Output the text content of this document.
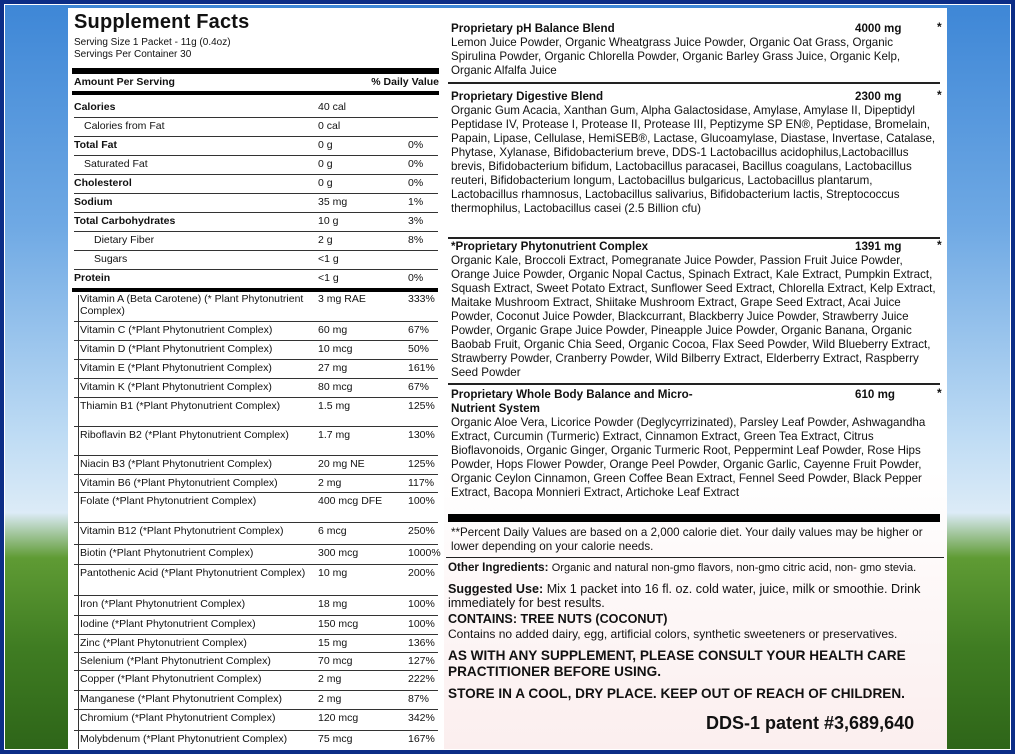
Supplement Facts
Serving Size 1 Packet - 11g (0.4oz)
Servings Per Container 30
Amount Per Serving	% Daily Value
Calories	40 cal
Calories from Fat	0 cal
Total Fat	0 g	0%
Saturated Fat	0 g	0%
Cholesterol	0 g	0%
Sodium	35 mg	1%
Total Carbohydrates	10 g	3%
Dietary Fiber	2 g	8%
Sugars	<1 g
Protein	<1 g	0%
Vitamin A (Beta Carotene) (* Plant Phytonutrient Complex)
3 mg RAE	333%
Vitamin C (*Plant Phytonutrient Complex)	60 mg	67%
Vitamin D (*Plant Phytonutrient Complex)	10 mcg	50%
Vitamin E (*Plant Phytonutrient Complex)	27 mg	161%
Vitamin K (*Plant Phytonutrient Complex)	80 mcg	67%
Thiamin B1 (*Plant Phytonutrient Complex)	1.5 mg	125%
Riboflavin B2 (*Plant Phytonutrient Complex)	1.7 mg	130%
Niacin B3 (*Plant Phytonutrient Complex)	20 mg NE	125%
Vitamin B6 (*Plant Phytonutrient Complex)	2 mg	117%
Folate (*Plant Phytonutrient Complex)	400 mcg DFE	100%
Vitamin B12 (*Plant Phytonutrient Complex)	6 mcg	250%
Biotin (*Plant Phytonutrient Complex)	300 mcg	1000%
Pantothenic Acid (*Plant Phytonutrient Complex)	10 mg	200%
Iron (*Plant Phytonutrient Complex)	18 mg	100%
Iodine (*Plant Phytonutrient Complex)	150 mcg	100%
Zinc (*Plant Phytonutrient Complex)	15 mg	136%
Selenium (*Plant Phytonutrient Complex)	70 mcg	127%
Copper (*Plant Phytonutrient Complex)	2 mg	222%
Manganese (*Plant Phytonutrient Complex)	2 mg	87%
Chromium (*Plant Phytonutrient Complex)	120 mcg	342%
Molybdenum (*Plant Phytonutrient Complex)	75 mcg	167%
Proprietary pH Balance Blend	4000 mg	*
Lemon Juice Powder, Organic Wheatgrass Juice Powder, Organic Oat Grass, Organic Spirulina Powder, Organic Chlorella Powder, Organic Barley Grass Juice, Organic Kelp, Organic Alfalfa Juice
Proprietary Digestive Blend	2300 mg	*
Organic Gum Acacia, Xanthan Gum, Alpha Galactosidase, Amylase, Amylase II, Dipeptidyl Peptidase IV, Protease I, Protease II, Protease III, Peptizyme SP EN®, Peptidase, Bromelain, Papain, Lipase, Cellulase, HemiSEB®, Lactase, Glucoamylase, Diastase, Invertase, Catalase, Phytase, Xylanase, Bifidobacterium breve, DDS-1 Lactobacillus acidophilus,Lactobacillus brevis, Bifidobacterium bifidum, Lactobacillus paracasei, Bacillus coagulans, Lactobacillus reuteri, Bifidobacterium longum, Lactobacillus bulgaricus, Lactobacillus plantarum, Lactobacillus rhamnosus, Lactobacillus salivarius, Bifidobacterium lactis, Streptococcus thermophilus, Lactobacillus casei (2.5 Billion cfu)
*Proprietary Phytonutrient Complex	1391 mg	*
Organic Kale, Broccoli Extract, Pomegranate Juice Powder, Passion Fruit Juice Powder, Orange Juice Powder, Organic Nopal Cactus, Spinach Extract, Kale Extract, Pumpkin Extract, Squash Extract, Sweet Potato Extract, Sunflower Seed Extract, Chlorella Extract, Kelp Extract, Maitake Mushroom Extract, Shiitake Mushroom Extract, Grape Seed Extract, Acai Juice Powder, Coconut Juice Powder, Blackcurrant, Blackberry Juice Powder, Strawberry Juice Powder, Organic Grape Juice Powder, Pineapple Juice Powder, Organic Banana, Organic Baobab Fruit, Organic Chia Seed, Organic Cocoa, Flax Seed Powder, Wild Blueberry Extract, Strawberry Powder, Cranberry Powder, Wild Bilberry Extract, Elderberry Extract, Raspberry Seed Powder
Proprietary Whole Body Balance and Micro-Nutrient System
610 mg	*
Organic Aloe Vera, Licorice Powder (Deglycyrrizinated), Parsley Leaf Powder, Ashwagandha Extract, Curcumin (Turmeric) Extract, Cinnamon Extract, Green Tea Extract, Citrus Bioflavonoids, Organic Ginger, Organic Turmeric Root, Peppermint Leaf Powder, Rose Hips Powder, Hops Flower Powder, Orange Peel Powder, Organic Garlic, Cayenne Fruit Powder, Organic Ceylon Cinnamon, Green Coffee Bean Extract, Fennel Seed Powder, Black Pepper Extract, Bacopa Monnieri Extract, Artichoke Leaf Extract
**Percent Daily Values are based on a 2,000 calorie diet. Your daily values may be higher or lower depending on your calorie needs.
Other Ingredients: Organic and natural non-gmo flavors, non-gmo citric acid, non- gmo stevia.
Suggested Use: Mix 1 packet into 16 fl. oz. cold water, juice, milk or smoothie. Drink immediately for best results.
CONTAINS: TREE NUTS (COCONUT)
Contains no added dairy, egg, artificial colors, synthetic sweeteners or preservatives.
AS WITH ANY SUPPLEMENT, PLEASE CONSULT YOUR HEALTH CARE PRACTITIONER BEFORE USING.
STORE IN A COOL, DRY PLACE. KEEP OUT OF REACH OF CHILDREN.
DDS-1 patent #3,689,640
